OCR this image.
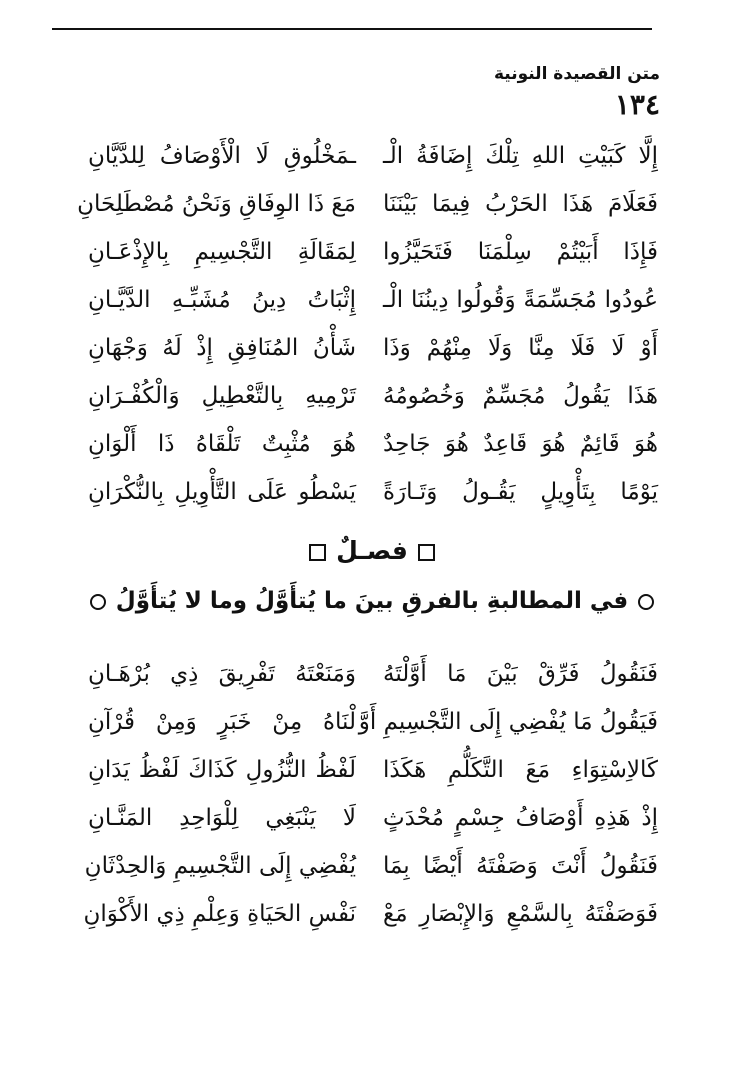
متن القصيدة النونية
١٣٤
إِلَّا كَبَيْتِ اللهِ تِلْكَ إِضَافَةُ الْـ
ـمَخْلُوقِ لَا الْأَوْصَافُ لِلدَّيَّانِ
فَعَلَامَ هَذَا الحَرْبُ فِيمَا بَيْنَنَا
مَعَ ذَا الوِفَاقِ وَنَحْنُ مُصْطَلِحَانِ
فَإِذَا أَبَيْتُمْ سِلْمَنَا فَتَحَيَّزُوا
لِمَقَالَةِ التَّجْسِيمِ بِالإِذْعَـانِ
عُودُوا مُجَسِّمَةً وَقُولُوا دِينُنَا الْـ
إِثْبَاتُ دِينُ مُشَبِّـهِ الدَّيَّـانِ
أَوْ لَا فَلَا مِنَّا وَلَا مِنْهُمْ وَذَا
شَأْنُ المُنَافِقِ إِذْ لَهُ وَجْهَانِ
هَذَا يَقُولُ مُجَسِّمٌ وَخُصُومُهُ
تَرْمِيهِ بِالتَّعْطِيلِ وَالْكُفْـرَانِ
هُوَ قَائِمٌ هُوَ قَاعِدٌ هُوَ جَاحِدٌ
هُوَ مُثْبِتٌ تَلْقَاهُ ذَا أَلْوَانِ
يَوْمًا بِتَأْوِيلٍ يَقُـولُ وَتَـارَةً
يَسْطُو عَلَى التَّأْوِيلِ بِالنُّكْرَانِ
فصـلٌ
في المطالبةِ بالفرقِ بينَ ما يُتأَوَّلُ وما لا يُتأَوَّلُ
فَنَقُولُ فَرِّقْ بَيْنَ مَا أَوَّلْتَهُ
وَمَنَعْتَهُ تَفْرِيقَ ذِي بُرْهَـانِ
فَيَقُولُ مَا يُفْضِي إِلَى التَّجْسِيمِ أَوَّ
لْنَاهُ مِنْ خَبَرٍ وَمِنْ قُرْآنِ
كَالاِسْتِوَاءِ مَعَ التَّكَلُّمِ هَكَذَا
لَفْظُ النُّزُولِ كَذَاكَ لَفْظُ يَدَانِ
إِذْ هَذِهِ أَوْصَافُ جِسْمٍ مُحْدَثٍ
لَا يَنْبَغِي لِلْوَاحِدِ المَنَّـانِ
فَنَقُولُ أَنْتَ وَصَفْتَهُ أَيْضًا بِمَا
يُفْضِي إِلَى التَّجْسِيمِ وَالحِدْثَانِ
فَوَصَفْتَهُ بِالسَّمْعِ وَالإِبْصَارِ مَعْ
نَفْسِ الحَيَاةِ وَعِلْمِ ذِي الأَكْوَانِ
